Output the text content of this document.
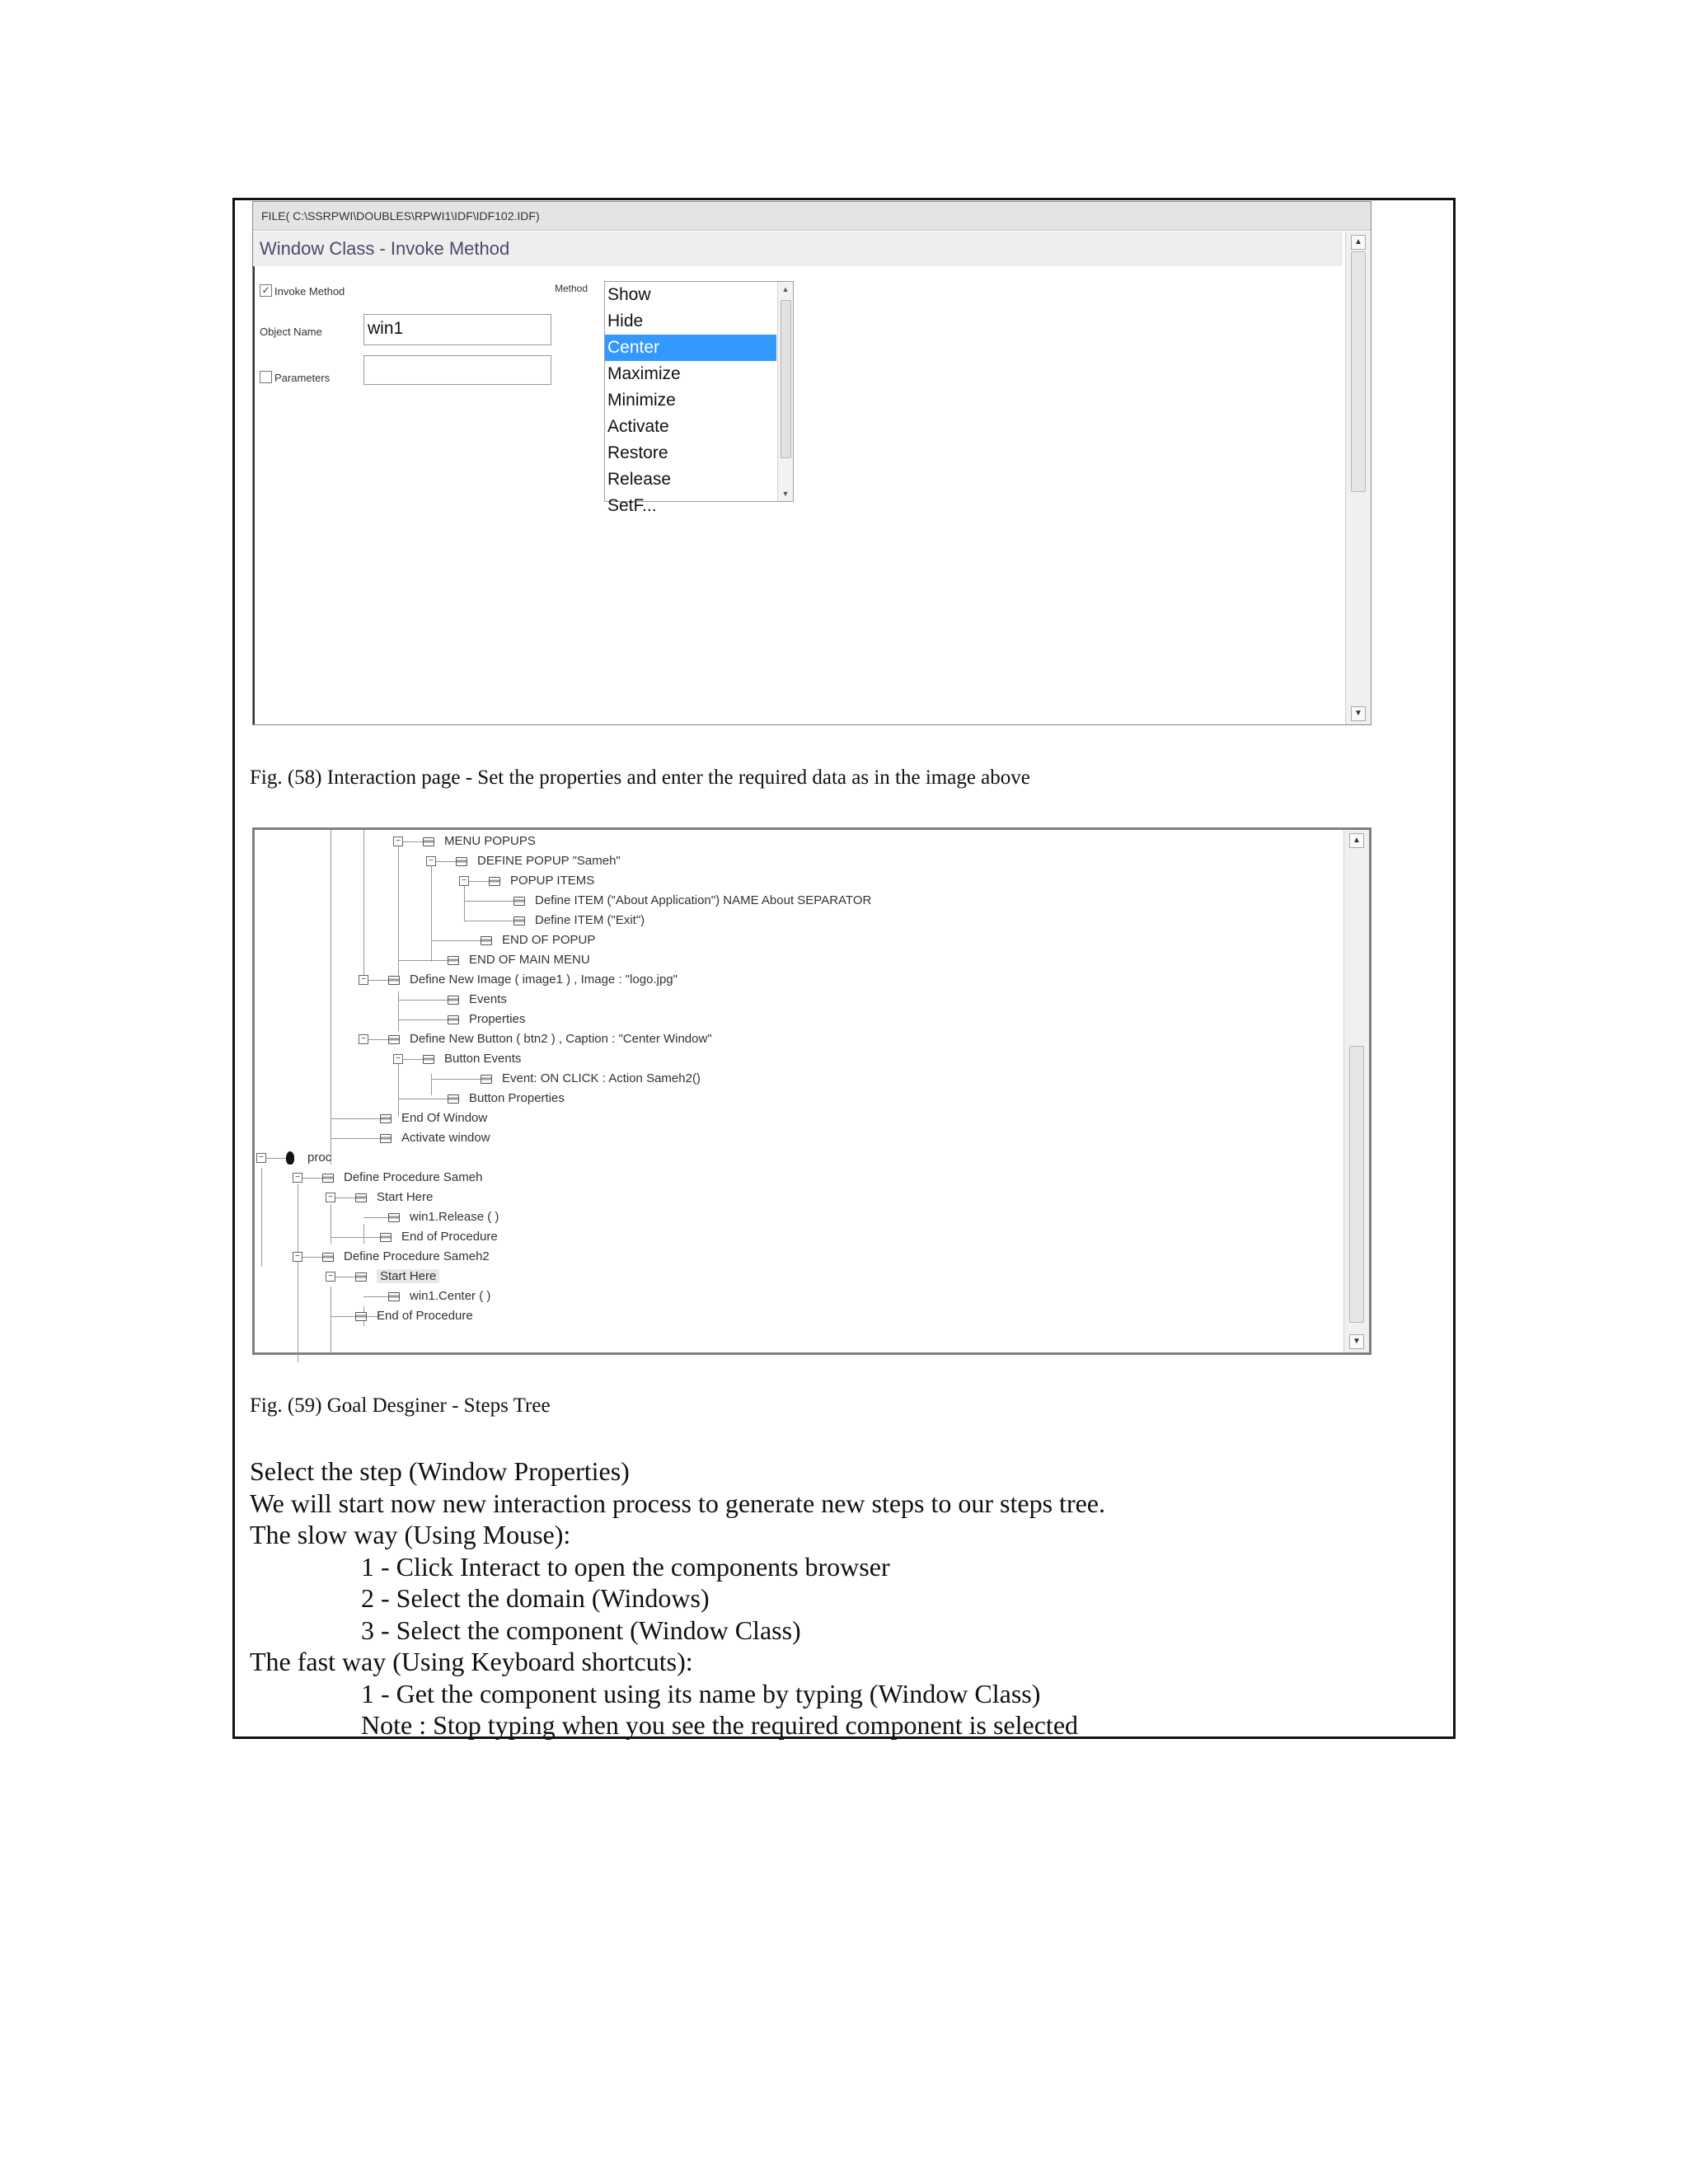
FILE( C:\SSRPWI\DOUBLES\RPWI1\IDF\IDF102.IDF)
Window Class - Invoke Method	▲
▼
✓ Invoke Method
Object Name	win1
Parameters
Method Show
Hide
Center
Maximize
Minimize
Activate
Restore
Release
SetF...
▲
▼
Fig. (58) Interaction page - Set the properties and enter the required data as in the image above
▲
▼
−
−
−
−
−
−
−
−
−
−
−
MENU POPUPS
DEFINE POPUP "Sameh"
POPUP ITEMS
Define ITEM ("About Application") NAME About SEPARATOR
Define ITEM ("Exit")
END OF POPUP
END OF MAIN MENU
Define New Image ( image1 ) , Image : "logo.jpg"
Events
Properties
Define New Button ( btn2 ) , Caption : "Center Window"
Button Events
Event: ON CLICK : Action Sameh2()
Button Properties
End Of Window
Activate window
proc
Define Procedure Sameh
Start Here
win1.Release ( )
End of Procedure
Define Procedure Sameh2
Start Here
win1.Center ( )
End of Procedure
Fig. (59) Goal Desginer - Steps Tree

Select the step (Window Properties)

We will start now new interaction process to generate new steps to our steps tree.

The slow way (Using Mouse):

1 - Click Interact to open the components browser

2 - Select the domain (Windows)

3 - Select the component (Window Class)

The fast way (Using Keyboard shortcuts):

1 - Get the component using its name by typing (Window Class)

Note : Stop typing when you see the required component is selected
